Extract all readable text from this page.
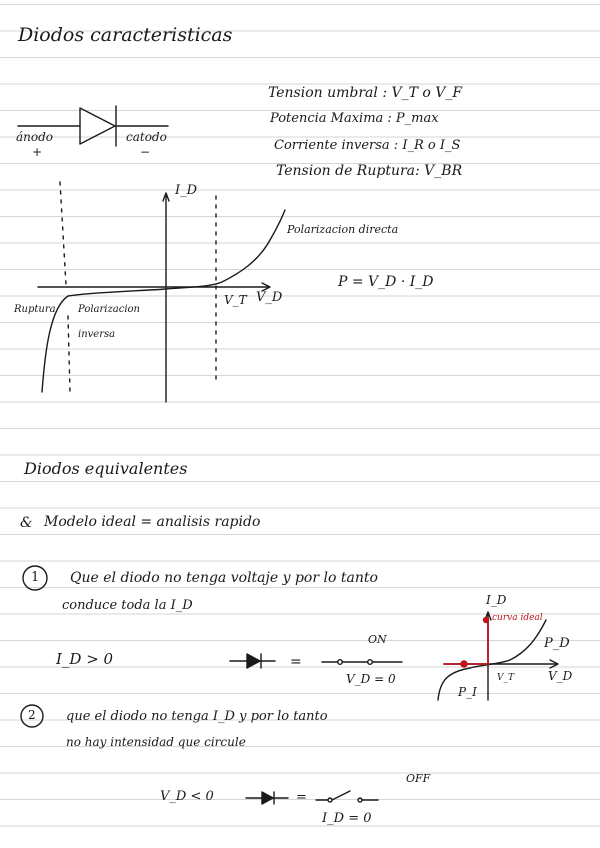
Diodos caracteristicas
ánodo
+
catodo
−
Tension umbral : V_T o V_F
Potencia Maxima : P_max
Corriente inversa : I_R o I_S
Tension de Ruptura: V_BR
I_D
V_D
V_T
Polarizacion directa
Ruptura Polarizacion
inversa
P = V_D · I_D
Diodos equivalentes
& Modelo ideal = analisis rapido
1 Que el diodo no tenga voltaje y por lo tanto
conduce toda la I_D
I_D > 0	=
ON
V_D = 0
I_D
curva ideal
P_D
P_I
V_D
V_T
2 que el diodo no tenga I_D y por lo tanto
no hay intensidad que circule
V_D < 0	=
OFF
I_D = 0
